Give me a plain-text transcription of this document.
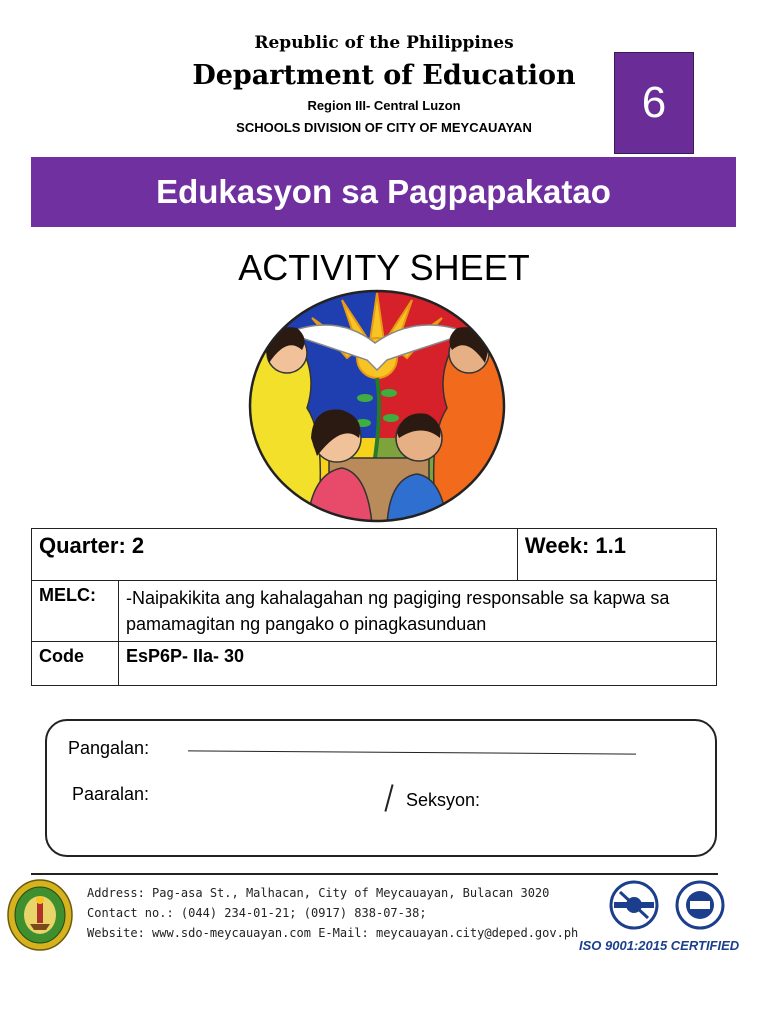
Republic of the Philippines
Department of Education
Region III- Central Luzon
SCHOOLS DIVISION OF CITY OF MEYCAUAYAN
6
Edukasyon sa Pagpapakatao
ACTIVITY SHEET
Quarter: 2		Week: 1.1
MELC:	-Naipakikita ang kahalagahan ng pagiging responsable sa kapwa sa pamamagitan ng pangako o pinagkasunduan	
Code	EsP6P- IIa- 30	
Pangalan:
Paaralan:	Seksyon:
Address: Pag-asa St., Malhacan, City of Meycauayan, Bulacan 3020
Contact no.: (044) 234-01-21; (0917) 838-07-38;
Website: www.sdo-meycauayan.com E-Mail: meycauayan.city@deped.gov.ph
ISO 9001:2015 CERTIFIED
